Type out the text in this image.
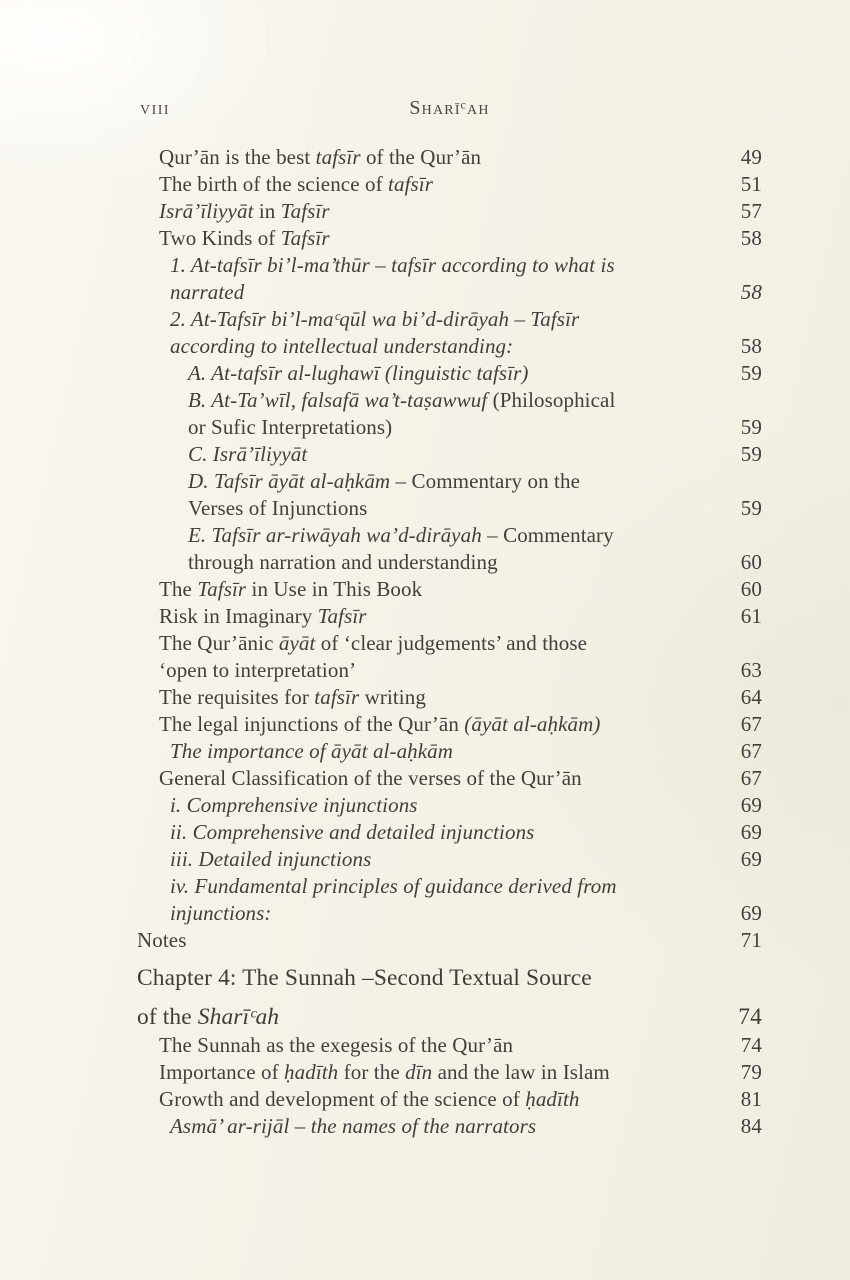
VIII	Sharīᶜah
Qur’ān is the best tafsīr of the Qur’ān	49
The birth of the science of tafsīr	51
Isrā’īliyyāt in Tafsīr	57
Two Kinds of Tafsīr	58
1. At-tafsīr bi’l-ma’thūr – tafsīr according to what is
narrated	58
2. At-Tafsīr bi’l-maᶜqūl wa bi’d-dirāyah – Tafsīr
according to intellectual understanding:	58
A. At-tafsīr al-lughawī (linguistic tafsīr)	59
B. At-Ta’wīl, falsafā wa’t-taṣawwuf (Philosophical
or Sufic Interpretations)	59
C. Isrā’īliyyāt	59
D. Tafsīr āyāt al-aḥkām – Commentary on the
Verses of Injunctions	59
E. Tafsīr ar-riwāyah wa’d-dirāyah – Commentary
through narration and understanding	60
The Tafsīr in Use in This Book	60
Risk in Imaginary Tafsīr	61
The Qur’ānic āyāt of ‘clear judgements’ and those
‘open to interpretation’	63
The requisites for tafsīr writing	64
The legal injunctions of the Qur’ān (āyāt al-aḥkām)	67
The importance of āyāt al-aḥkām	67
General Classification of the verses of the Qur’ān	67
i. Comprehensive injunctions	69
ii. Comprehensive and detailed injunctions	69
iii. Detailed injunctions	69
iv. Fundamental principles of guidance derived from
injunctions:	69
Notes	71
Chapter 4: The Sunnah –Second Textual Source
of the Sharīᶜah	74
The Sunnah as the exegesis of the Qur’ān	74
Importance of ḥadīth for the dīn and the law in Islam	79
Growth and development of the science of ḥadīth	81
Asmā’ ar-rijāl – the names of the narrators	84
